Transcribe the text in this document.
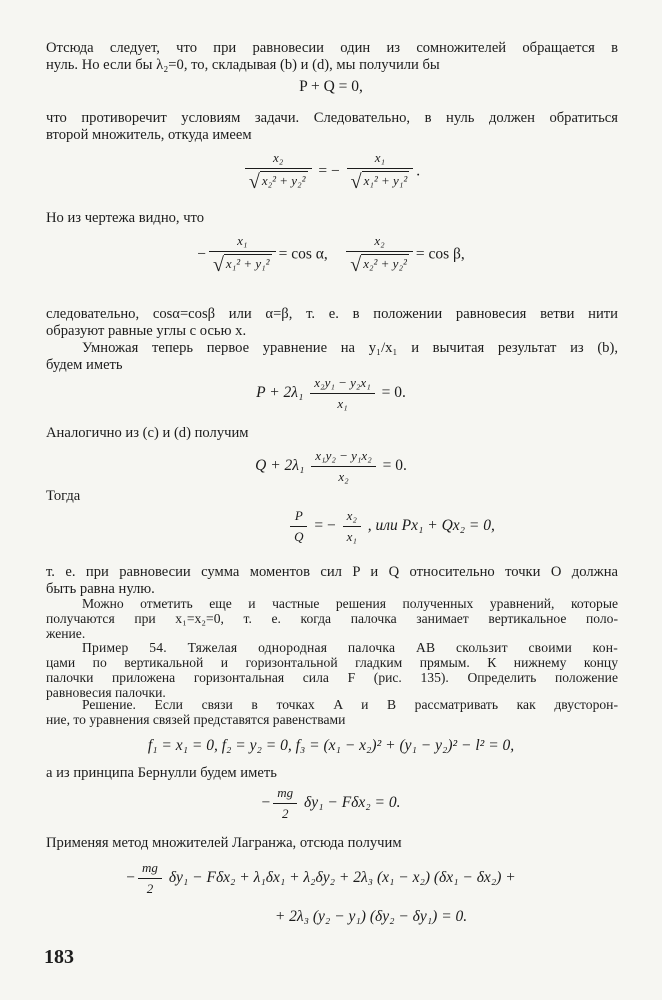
Отсюда следует, что при равновесии один из сомножителей обращается в
нуль. Но если бы λ₂=0, то, складывая (b) и (d), мы получили бы
P + Q = 0,
что противоречит условиям задачи. Следовательно, в нуль должен обратиться
второй множитель, откуда имеем
$\frac{\text{x₂}}{\text{√ x₂² + y₂²}}$ = − $\frac{\text{x₁}}{\text{√ x₁² + y₁²}}$ .
Но из чертежа видно, что
− $\frac{\text{x₁}}{\text{√ x₁² + y₁²}} = \cos \alpha$, $\frac{\text{x₂}}{\text{√ x₂² + y₂²}} = \cos \beta$,
следовательно, cosα=cosβ или α=β, т. е. в положении равновесия ветви нити
образуют равные углы с осью x.
Умножая теперь первое уравнение на y₁/x₁ и вычитая результат из (b),
будем иметь
$P + 2\lambda_1 \frac{\text{x₂y₁ − y₂x₁}}{\text{x₁}} = 0$.
Аналогично из (с) и (d) получим
$Q + 2\lambda_1 \frac{\text{x₁y₂ − y₁x₂}}{\text{x₂}} = 0$.
Тогда
$\frac{P}{Q}$ = − $\frac{\text{x₂}}{\text{x₁}}$ , или Px₁ + Qx₂ = 0,
т. е. при равновесии сумма моментов сил P и Q относительно точки O должна
быть равна нулю.
Можно отметить еще и частные решения полученных уравнений, которые
получаются при x₁=x₂=0, т. е. когда палочка занимает вертикальное поло-
жение.
Пример 54. Тяжелая однородная палочка AB скользит своими кон-
цами по вертикальной и горизонтальной гладким прямым. К нижнему концу
палочки приложена горизонтальная сила F (рис. 135). Определить положение
равновесия палочки.
Решение. Если связи в точках A и B рассматривать как двусторон-
ние, то уравнения связей представятся равенствами
f₁ = x₁ = 0, f₂ = y₂ = 0, f₃ = (x₁ − x₂)² + (y₁ − y₂)² − l² = 0,
а из принципа Бернулли будем иметь
− $\frac{mg}{2} \delta y_1 - F\delta x_2 = 0$.
Применяя метод множителей Лагранжа, отсюда получим
− $\frac{mg}{2} \delta y_1 - F\delta x_2 + \lambda_1\delta x_1 + \lambda_2\delta y_2 + 2\lambda_3$ (x₁ − x₂) (δx₁ − δx₂) +
+ 2λ₃ (y₂ − y₁) (δy₂ − δy₁) = 0.
183
